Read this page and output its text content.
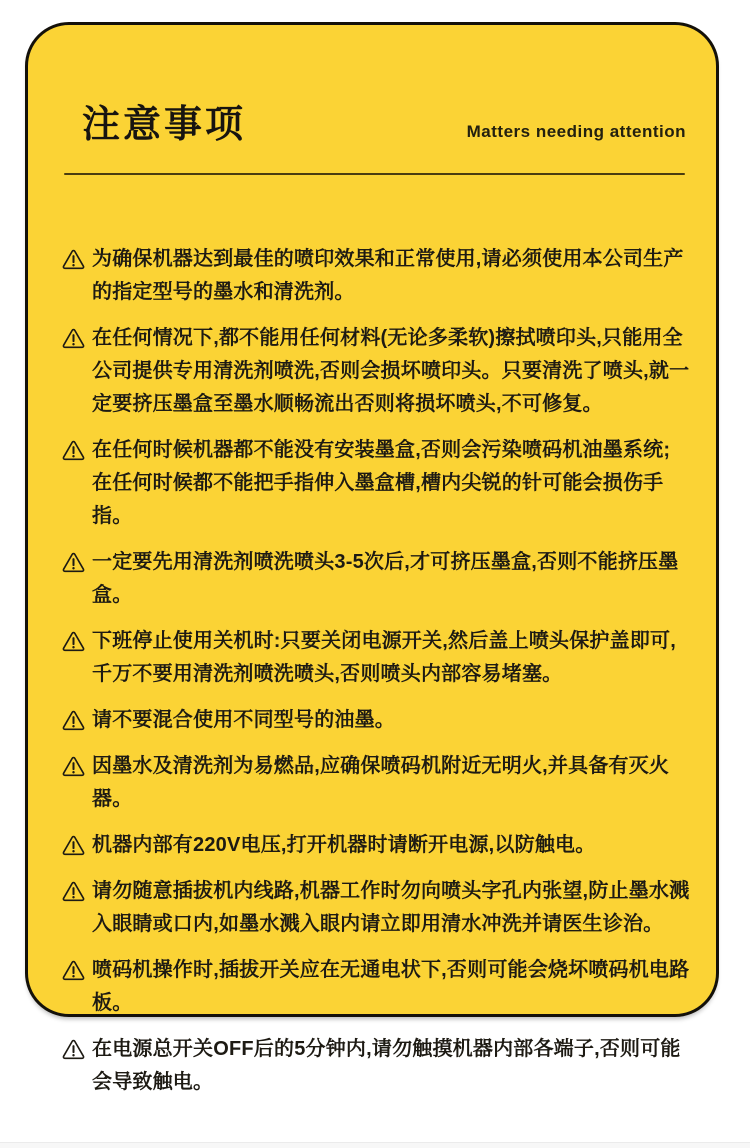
注意事项	Matters needing attention
为确保机器达到最佳的喷印效果和正常使用,请必须使用本公司生产的指定型号的墨水和清洗剂。
在任何情况下,都不能用任何材料(无论多柔软)擦拭喷印头,只能用全公司提供专用清洗剂喷洗,否则会损坏喷印头。只要清洗了喷头,就一定要挤压墨盒至墨水顺畅流出否则将损坏喷头,不可修复。
在任何时候机器都不能没有安装墨盒,否则会污染喷码机油墨系统;在任何时候都不能把手指伸入墨盒槽,槽内尖锐的针可能会损伤手指。
一定要先用清洗剂喷洗喷头3-5次后,才可挤压墨盒,否则不能挤压墨盒。
下班停止使用关机时:只要关闭电源开关,然后盖上喷头保护盖即可,千万不要用清洗剂喷洗喷头,否则喷头内部容易堵塞。
请不要混合使用不同型号的油墨。
因墨水及清洗剂为易燃品,应确保喷码机附近无明火,并具备有灭火器。
机器内部有220V电压,打开机器时请断开电源,以防触电。
请勿随意插拔机内线路,机器工作时勿向喷头字孔内张望,防止墨水溅入眼睛或口内,如墨水溅入眼内请立即用清水冲洗并请医生诊治。
喷码机操作时,插拔开关应在无通电状下,否则可能会烧坏喷码机电路板。
在电源总开关OFF后的5分钟内,请勿触摸机器内部各端子,否则可能会导致触电。
